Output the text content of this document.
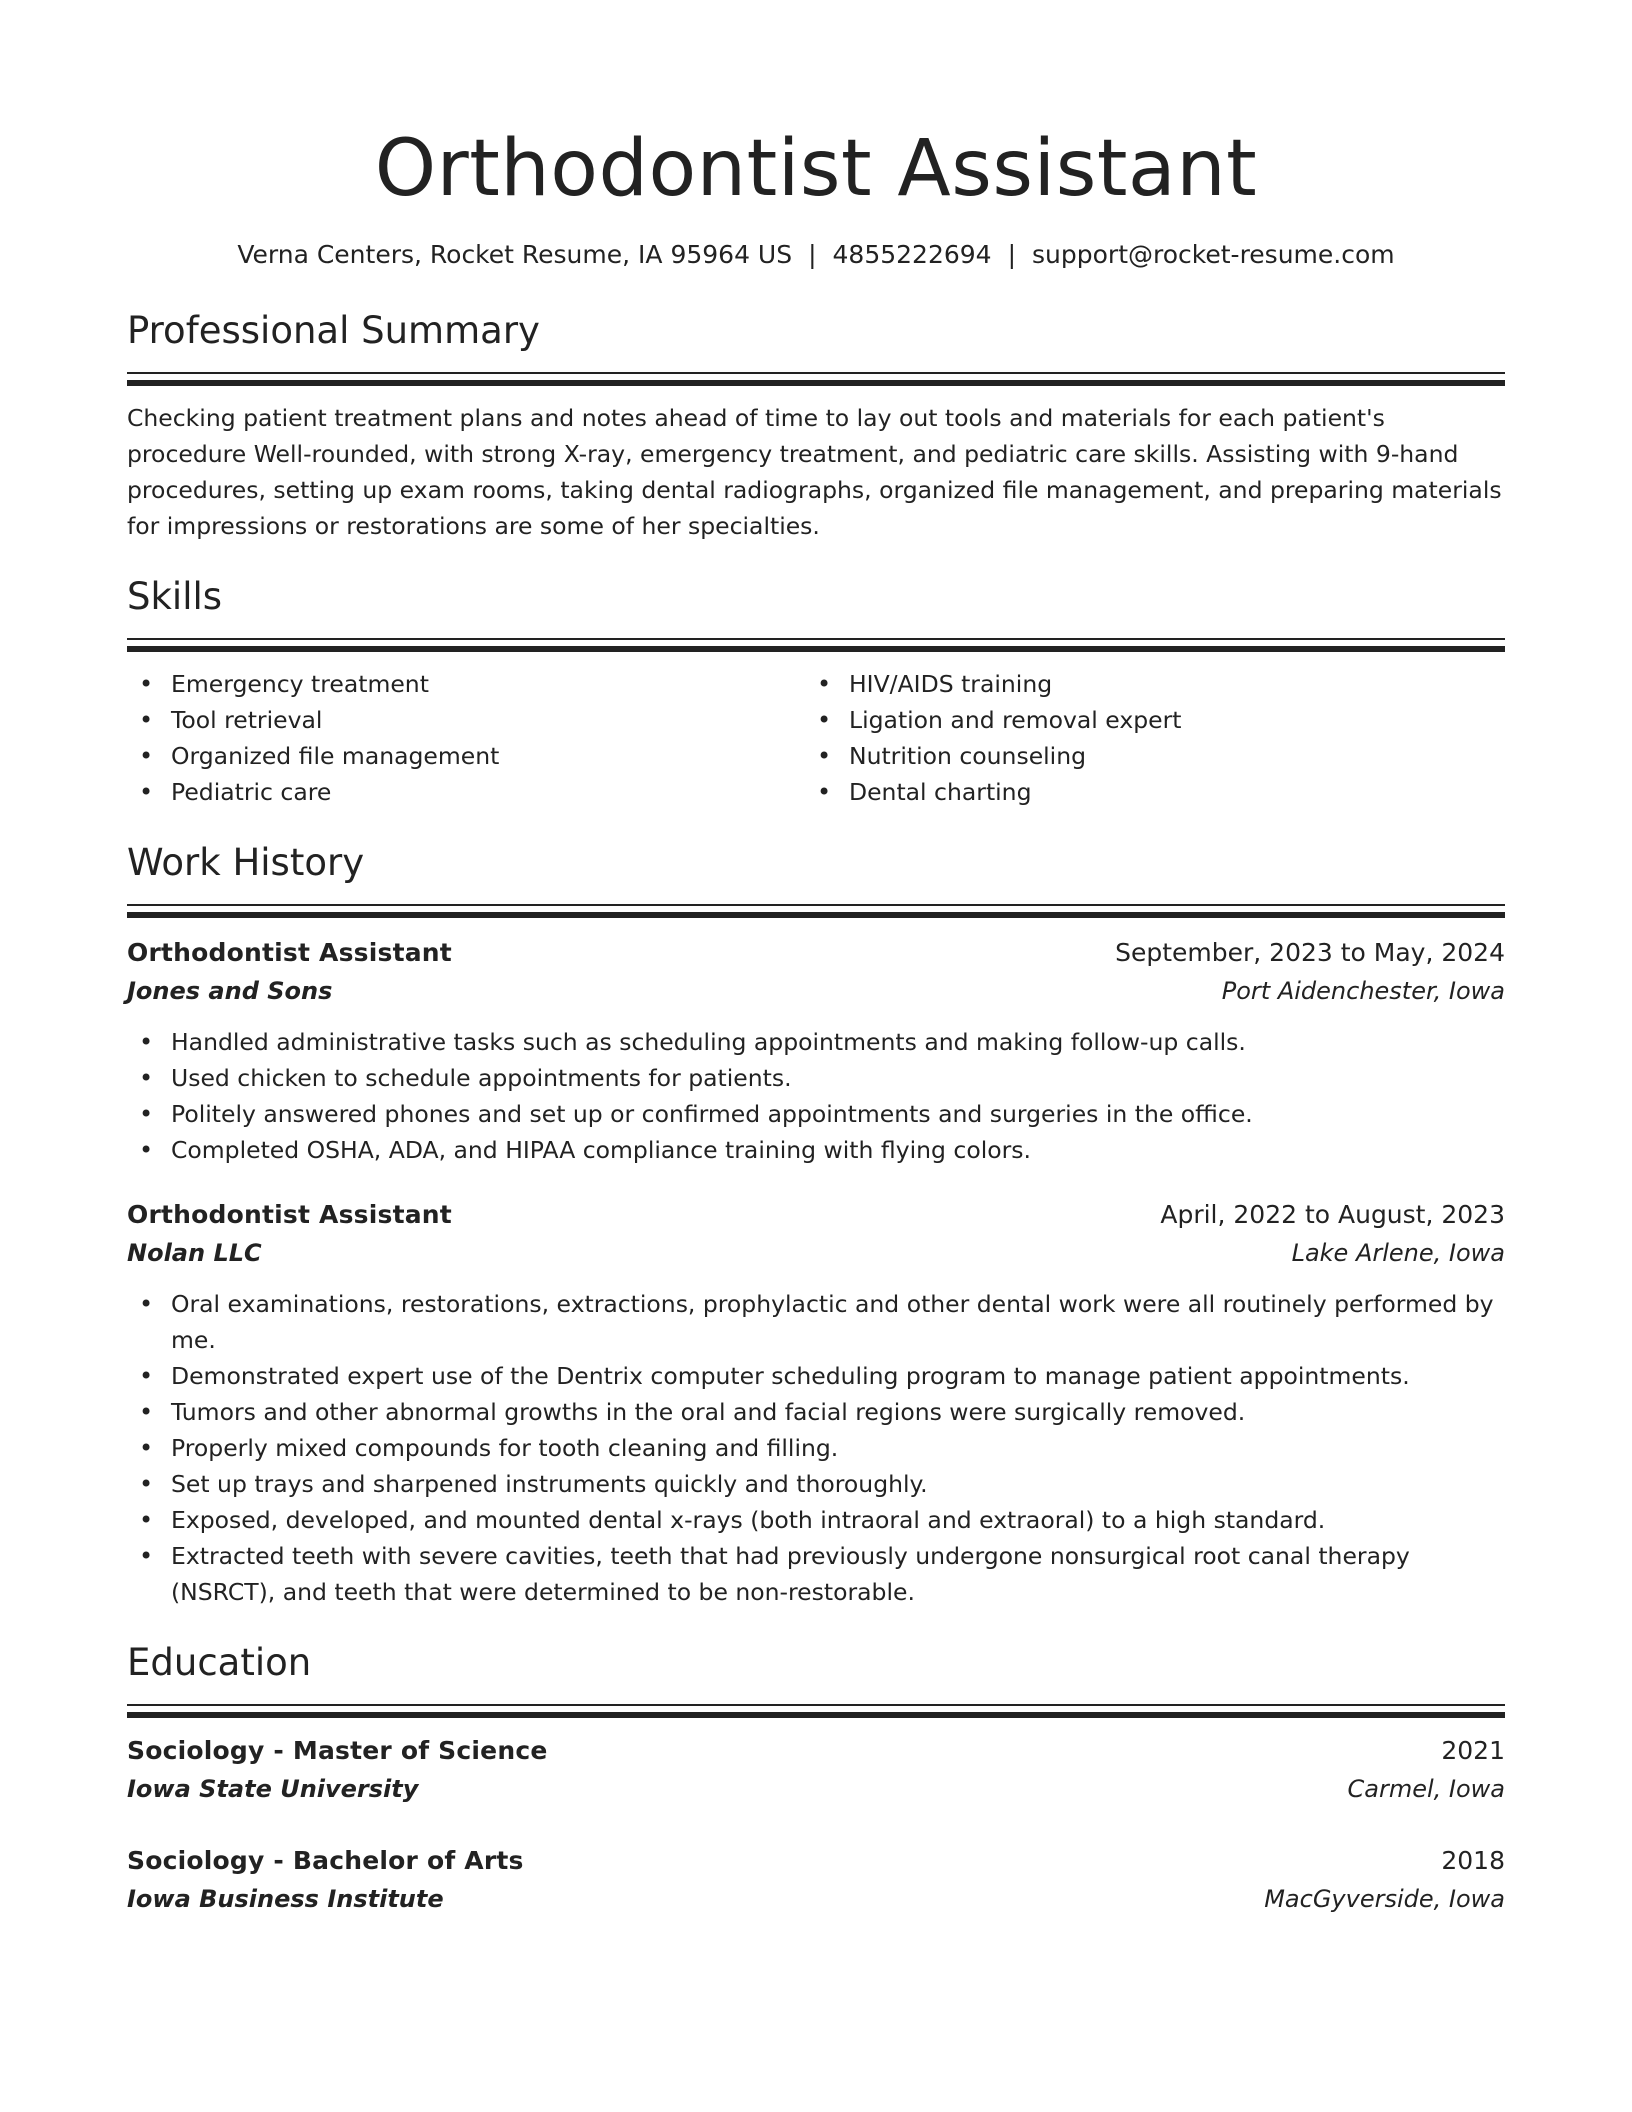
Orthodontist Assistant
Verna Centers, Rocket Resume, IA 95964 US | 4855222694 | support@rocket-resume.com
Professional Summary

Checking patient treatment plans and notes ahead of time to lay out tools and materials for each patient's procedure Well-rounded, with strong X-ray, emergency treatment, and pediatric care skills. Assisting with 9-hand procedures, setting up exam rooms, taking dental radiographs, organized file management, and preparing materials for impressions or restorations are some of her specialties.

Skills
• Emergency treatment
• Tool retrieval
• Organized file management
• Pediatric care
• HIV/AIDS training
• Ligation and removal expert
• Nutrition counseling
• Dental charting
Work History
Orthodontist Assistant	September, 2023 to May, 2024
Jones and Sons	Port Aidenchester, Iowa
• Handled administrative tasks such as scheduling appointments and making follow-up calls.
• Used chicken to schedule appointments for patients.
• Politely answered phones and set up or confirmed appointments and surgeries in the office.
• Completed OSHA, ADA, and HIPAA compliance training with flying colors.
Orthodontist Assistant	April, 2022 to August, 2023
Nolan LLC	Lake Arlene, Iowa
• Oral examinations, restorations, extractions, prophylactic and other dental work were all routinely performed by me.
• Demonstrated expert use of the Dentrix computer scheduling program to manage patient appointments.
• Tumors and other abnormal growths in the oral and facial regions were surgically removed.
• Properly mixed compounds for tooth cleaning and filling.
• Set up trays and sharpened instruments quickly and thoroughly.
• Exposed, developed, and mounted dental x-rays (both intraoral and extraoral) to a high standard.
• Extracted teeth with severe cavities, teeth that had previously undergone nonsurgical root canal therapy (NSRCT), and teeth that were determined to be non-restorable.
Education
Sociology - Master of Science	2021
Iowa State University	Carmel, Iowa
Sociology - Bachelor of Arts	2018
Iowa Business Institute	MacGyverside, Iowa
